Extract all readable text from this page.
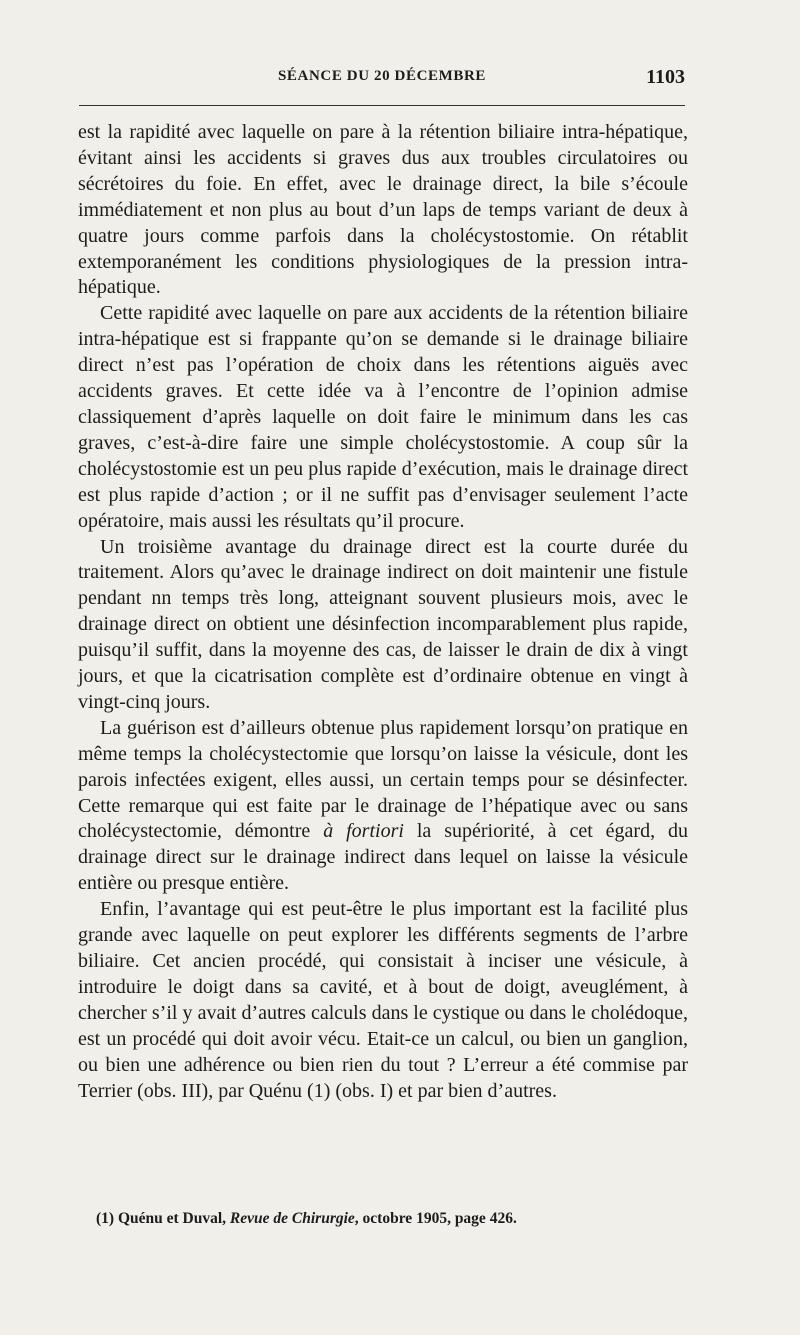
SÉANCE DU 20 DÉCEMBRE	1103

est la rapidité avec laquelle on pare à la rétention biliaire intra-hépatique, évitant ainsi les accidents si graves dus aux troubles circulatoires ou sécrétoires du foie. En effet, avec le drainage direct, la bile s’écoule immédiatement et non plus au bout d’un laps de temps variant de deux à quatre jours comme parfois dans la cholécystostomie. On rétablit extemporanément les conditions physiologiques de la pression intra-hépatique.

Cette rapidité avec laquelle on pare aux accidents de la rétention biliaire intra-hépatique est si frappante qu’on se demande si le drainage biliaire direct n’est pas l’opération de choix dans les rétentions aiguës avec accidents graves. Et cette idée va à l’encontre de l’opinion admise classiquement d’après laquelle on doit faire le minimum dans les cas graves, c’est-à-dire faire une simple cholécystostomie. A coup sûr la cholécystostomie est un peu plus rapide d’exécution, mais le drainage direct est plus rapide d’action ; or il ne suffit pas d’envisager seulement l’acte opératoire, mais aussi les résultats qu’il procure.

Un troisième avantage du drainage direct est la courte durée du traitement. Alors qu’avec le drainage indirect on doit maintenir une fistule pendant nn temps très long, atteignant souvent plusieurs mois, avec le drainage direct on obtient une désinfection incomparablement plus rapide, puisqu’il suffit, dans la moyenne des cas, de laisser le drain de dix à vingt jours, et que la cicatrisation complète est d’ordinaire obtenue en vingt à vingt-cinq jours.

La guérison est d’ailleurs obtenue plus rapidement lorsqu’on pratique en même temps la cholécystectomie que lorsqu’on laisse la vésicule, dont les parois infectées exigent, elles aussi, un certain temps pour se désinfecter. Cette remarque qui est faite par le drainage de l’hépatique avec ou sans cholécystectomie, démontre à fortiori la supériorité, à cet égard, du drainage direct sur le drainage indirect dans lequel on laisse la vésicule entière ou presque entière.

Enfin, l’avantage qui est peut-être le plus important est la facilité plus grande avec laquelle on peut explorer les différents segments de l’arbre biliaire. Cet ancien procédé, qui consistait à inciser une vésicule, à introduire le doigt dans sa cavité, et à bout de doigt, aveuglément, à chercher s’il y avait d’autres calculs dans le cystique ou dans le cholédoque, est un procédé qui doit avoir vécu. Etait-ce un calcul, ou bien un ganglion, ou bien une adhérence ou bien rien du tout ? L’erreur a été commise par Terrier (obs. III), par Quénu (1) (obs. I) et par bien d’autres.

(1) Quénu et Duval, Revue de Chirurgie, octobre 1905, page 426.
